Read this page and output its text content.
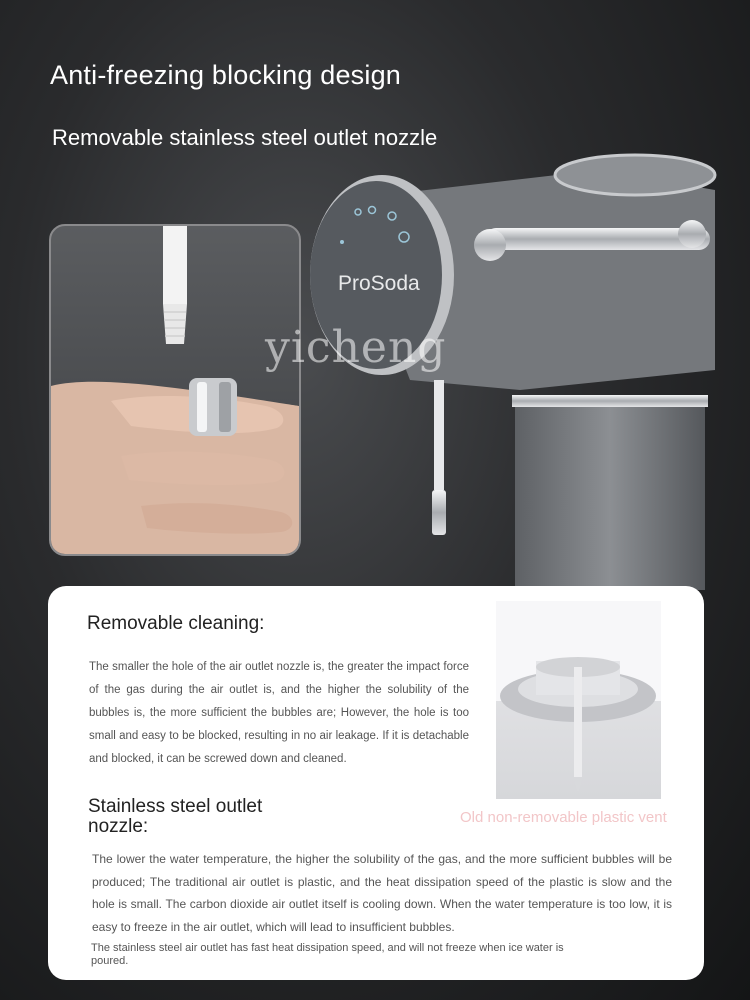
Anti-freezing blocking design
Removable stainless steel outlet nozzle
ProSoda
yicheng
Removable cleaning:
The smaller the hole of the air outlet nozzle is, the greater the impact force of the gas during the air outlet is, and the higher the solubility of the bubbles is, the more sufficient the bubbles are; However, the hole is too small and easy to be blocked, resulting in no air leakage. If it is detachable and blocked, it can be screwed down and cleaned.
Old non-removable plastic vent
Stainless steel outlet nozzle:
The lower the water temperature, the higher the solubility of the gas, and the more sufficient bubbles will be produced; The traditional air outlet is plastic, and the heat dissipation speed of the plastic is slow and the hole is small. The carbon dioxide air outlet itself is cooling down. When the water temperature is too low, it is easy to freeze in the air outlet, which will lead to insufficient bubbles.
The stainless steel air outlet has fast heat dissipation speed, and will not freeze when ice water is poured.
